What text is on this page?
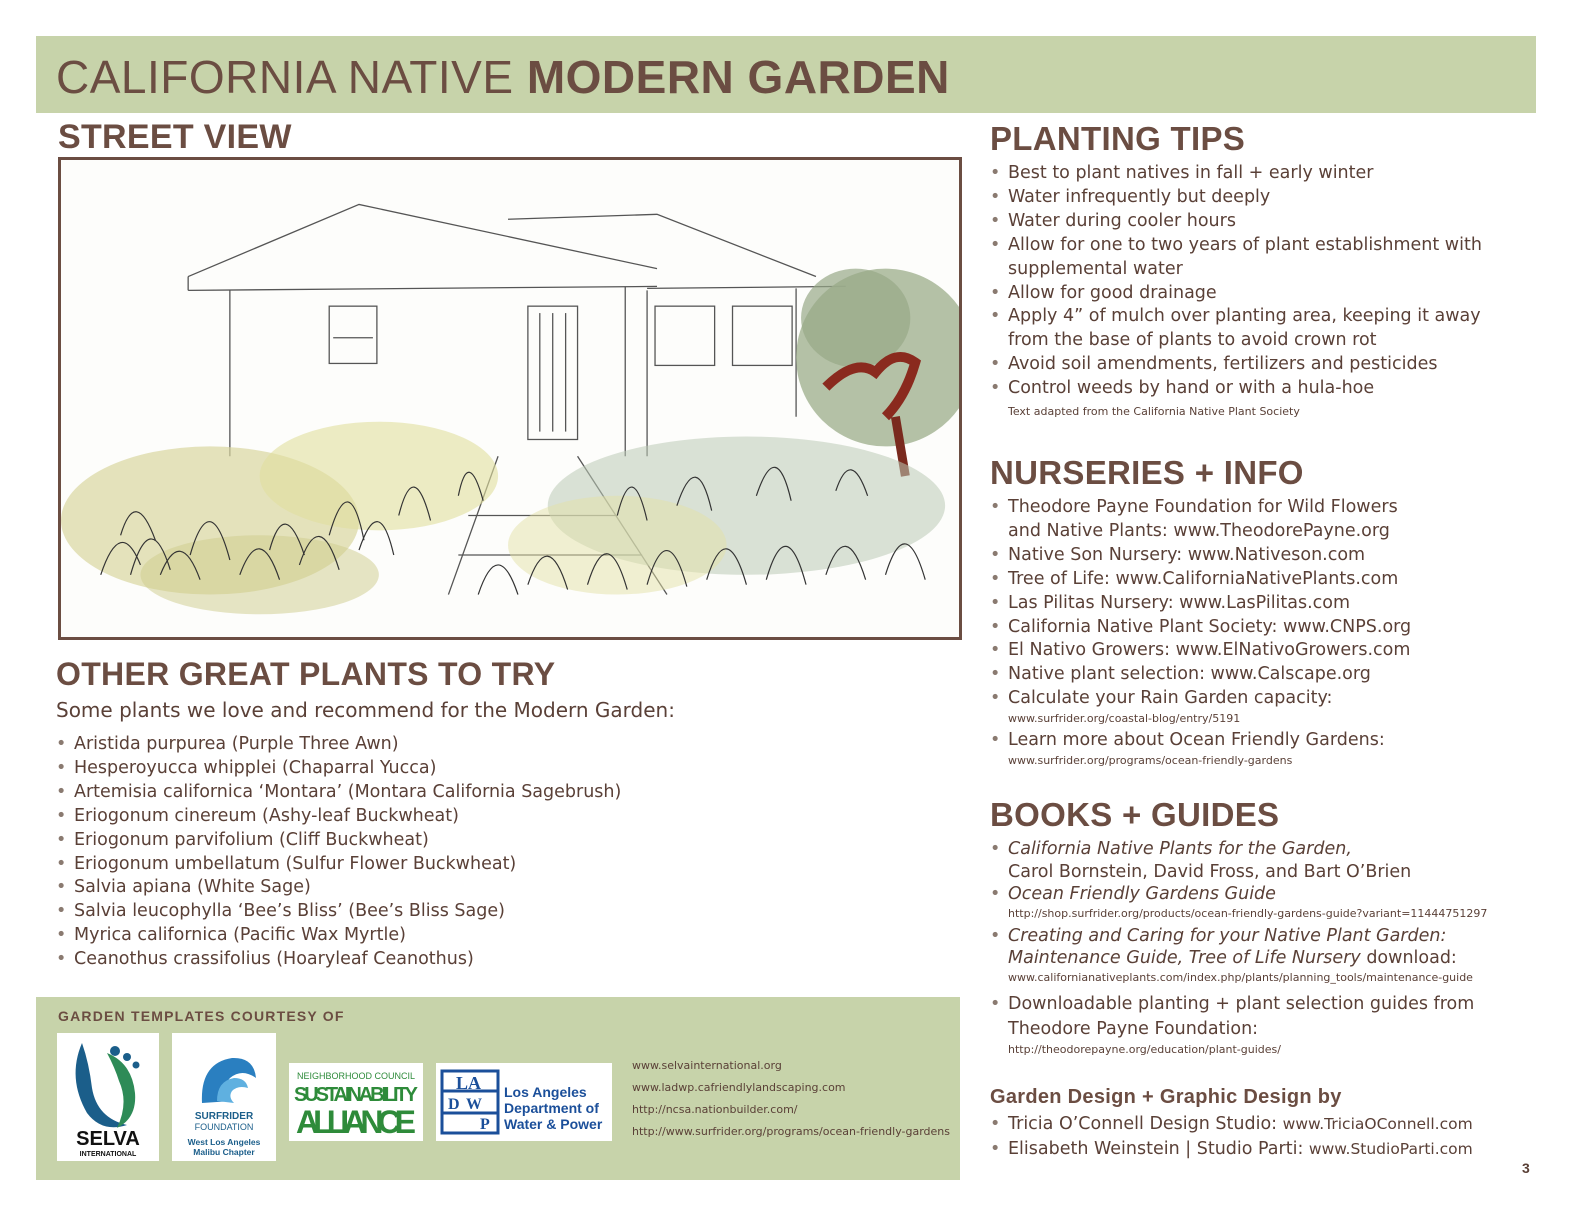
CALIFORNIA NATIVE MODERN GARDEN
STREET VIEW
OTHER GREAT PLANTS TO TRY
Some plants we love and recommend for the Modern Garden:
• Aristida purpurea (Purple Three Awn)
• Hesperoyucca whipplei (Chaparral Yucca)
• Artemisia californica ‘Montara’ (Montara California Sagebrush)
• Eriogonum cinereum (Ashy-leaf Buckwheat)
• Eriogonum parvifolium (Cliff Buckwheat)
• Eriogonum umbellatum (Sulfur Flower Buckwheat)
• Salvia apiana (White Sage)
• Salvia leucophylla ‘Bee’s Bliss’ (Bee’s Bliss Sage)
• Myrica californica (Pacific Wax Myrtle)
• Ceanothus crassifolius (Hoaryleaf Ceanothus)
GARDEN TEMPLATES COURTESY OF
SELVA
INTERNATIONAL
SURFRIDER
FOUNDATION
West Los Angeles
Malibu Chapter
NEIGHBORHOOD COUNCIL
SUSTAINABILITY
ALLIANCE
LA
D W
P
Los Angeles
Department of
Water & Power
www.selvainternational.org
www.ladwp.cafriendlylandscaping.com
http://ncsa.nationbuilder.com/
http://www.surfrider.org/programs/ocean-friendly-gardens
PLANTING TIPS
• Best to plant natives in fall + early winter
• Water infrequently but deeply
• Water during cooler hours
• Allow for one to two years of plant establishment with
supplemental water
• Allow for good drainage
• Apply 4” of mulch over planting area, keeping it away
from the base of plants to avoid crown rot
• Avoid soil amendments, fertilizers and pesticides
• Control weeds by hand or with a hula-hoe
Text adapted from the California Native Plant Society
NURSERIES + INFO
• Theodore Payne Foundation for Wild Flowers
and Native Plants: www.TheodorePayne.org
• Native Son Nursery: www.Nativeson.com
• Tree of Life: www.CaliforniaNativePlants.com
• Las Pilitas Nursery: www.LasPilitas.com
• California Native Plant Society: www.CNPS.org
• El Nativo Growers: www.ElNativoGrowers.com
• Native plant selection: www.Calscape.org
• Calculate your Rain Garden capacity:
www.surfrider.org/coastal-blog/entry/5191
• Learn more about Ocean Friendly Gardens:
www.surfrider.org/programs/ocean-friendly-gardens
BOOKS + GUIDES
• California Native Plants for the Garden,
Carol Bornstein, David Fross, and Bart O’Brien
• Ocean Friendly Gardens Guide
http://shop.surfrider.org/products/ocean-friendly-gardens-guide?variant=11444751297
• Creating and Caring for your Native Plant Garden:
Maintenance Guide, Tree of Life Nursery download:
www.californianativeplants.com/index.php/plants/planning_tools/maintenance-guide
• Downloadable planting + plant selection guides from
Theodore Payne Foundation:
http://theodorepayne.org/education/plant-guides/
Garden Design + Graphic Design by
• Tricia O’Connell Design Studio: www.TriciaOConnell.com
• Elisabeth Weinstein | Studio Parti: www.StudioParti.com
3
